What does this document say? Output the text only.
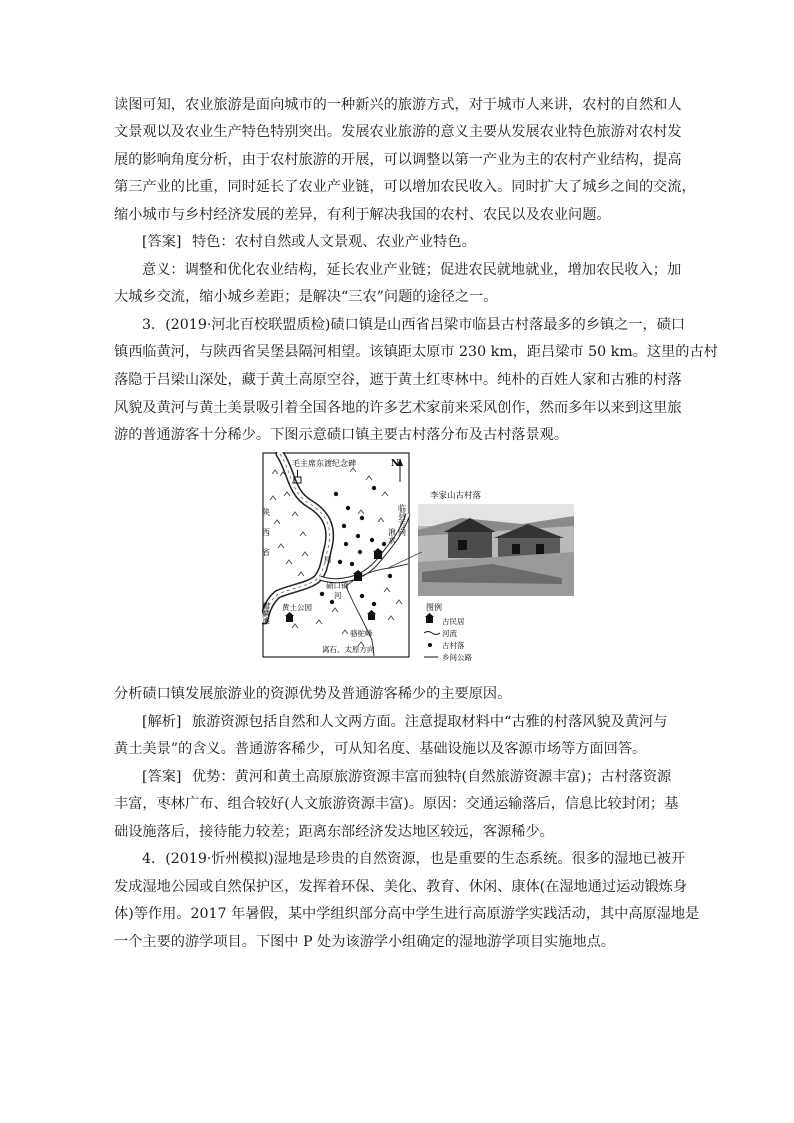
读图可知，农业旅游是面向城市的一种新兴的旅游方式，对于城市人来讲，农村的自然和人
文景观以及农业生产特色特别突出。发展农业旅游的意义主要从发展农业特色旅游对农村发
展的影响角度分析，由于农村旅游的开展，可以调整以第一产业为主的农村产业结构，提高
第三产业的比重，同时延长了农业产业链，可以增加农民收入。同时扩大了城乡之间的交流，
缩小城市与乡村经济发展的差异，有利于解决我国的农村、农民以及农业问题。
[答案] 特色：农村自然或人文景观、农业产业特色。
意义：调整和优化农业结构，延长农业产业链；促进农民就地就业，增加农民收入；加
大城乡交流，缩小城乡差距；是解决“三农”问题的途径之一。
3．(2019·河北百校联盟质检)碛口镇是山西省吕梁市临县古村落最多的乡镇之一，碛口
镇西临黄河，与陕西省吴堡县隔河相望。该镇距太原市 230 km，距吕梁市 50 km。这里的古村
落隐于吕梁山深处，藏于黄土高原空谷，遮于黄土红枣林中。纯朴的百姓人家和古雅的村落
风貌及黄河与黄土美景吸引着全国各地的许多艺术家前来采风创作，然而多年以来到这里旅
游的普通游客十分稀少。下图示意碛口镇主要古村落分布及古村落景观。
N
毛主席东渡纪念碑
陕西省	临县方向
湫水
河
碛口镇
河
麒麟滩 黄土公园
骆驼峰
离石、太原方向
李家山古村落
图例
古民居
河流
古村落
乡间公路
分析碛口镇发展旅游业的资源优势及普通游客稀少的主要原因。
[解析] 旅游资源包括自然和人文两方面。注意提取材料中“古雅的村落风貌及黄河与
黄土美景”的含义。普通游客稀少，可从知名度、基础设施以及客源市场等方面回答。
[答案] 优势：黄河和黄土高原旅游资源丰富而独特(自然旅游资源丰富)；古村落资源
丰富，枣林广布、组合较好(人文旅游资源丰富)。原因：交通运输落后，信息比较封闭；基
础设施落后，接待能力较差；距离东部经济发达地区较远，客源稀少。
4．(2019·忻州模拟)湿地是珍贵的自然资源，也是重要的生态系统。很多的湿地已被开
发成湿地公园或自然保护区，发挥着环保、美化、教育、休闲、康体(在湿地通过运动锻炼身
体)等作用。2017 年暑假，某中学组织部分高中学生进行高原游学实践活动，其中高原湿地是
一个主要的游学项目。下图中 P 处为该游学小组确定的湿地游学项目实施地点。
